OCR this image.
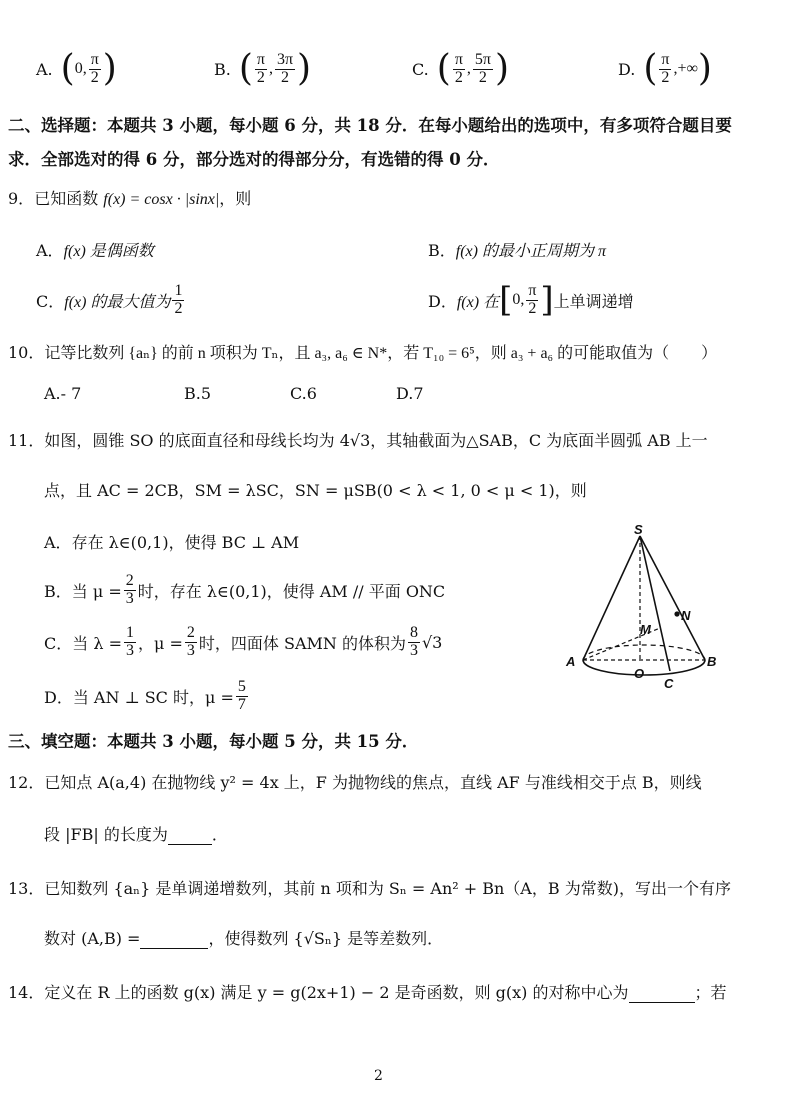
A. ( 0, $\frac{\pi}{2}$ )	B. ( $\frac{\pi}{2}$ , $\frac{3\pi}{2}$ )	C. ( $\frac{\pi}{2}$ , $\frac{5\pi}{2}$ )	D. ( $\frac{\pi}{2}$ ,+∞ )
二、选择题：本题共 3 小题，每小题 6 分，共 18 分．在每小题给出的选项中，有多项符合题目要
求．全部选对的得 6 分，部分选对的得部分分，有选错的得 0 分．
9．已知函数 f(x) = cosx · |sinx|，则
A．f(x) 是偶函数	B．f(x) 的最小正周期为 π
C． f(x) 的最大值为 $\frac{1}{2}$	D． f(x) 在 [ 0, $\frac{\pi}{2}$ ] 上单调递增
10．记等比数列 {aₙ} 的前 n 项积为 Tₙ，且 a₃, a₆ ∈ N*，若 T₁₀ = 6⁵，则 a₃ + a₆ 的可能取值为（　　）
A.- 7	B.5	C.6	D.7
11．如图，圆锥 SO 的底面直径和母线长均为 4√3，其轴截面为△SAB，C 为底面半圆弧 AB 上一
点，且 AC = 2CB，SM = λSC，SN = μSB(0 < λ < 1, 0 < μ < 1)，则
A．存在 λ∈(0,1)，使得 BC ⊥ AM
B． 当 $\mu = \frac{2}{3}$ 时，存在 λ∈(0,1)，使得 AM // 平面 ONC
C． 当 $\lambda = \frac{1}{3}$ ，$\mu = \frac{2}{3}$ 时，四面体 SAMN 的体积为 $\frac{8}{3} √3$
D． 当 AN ⊥ SC 时，$\mu = \frac{5}{7}$
S
N
M
A
O
B
C
三、填空题：本题共 3 小题，每小题 5 分，共 15 分．
12．已知点 A(a,4) 在抛物线 y² = 4x 上，F 为抛物线的焦点，直线 AF 与准线相交于点 B，则线
段 |FB| 的长度为	．
13．已知数列 {aₙ} 是单调递增数列，其前 n 项和为 Sₙ = An² + Bn（A，B 为常数)，写出一个有序
数对 (A,B) =	，使得数列 {√Sₙ} 是等差数列．
14．定义在 R 上的函数 g(x) 满足 y = g(2x+1) − 2 是奇函数，则 g(x) 的对称中心为	；若
2
